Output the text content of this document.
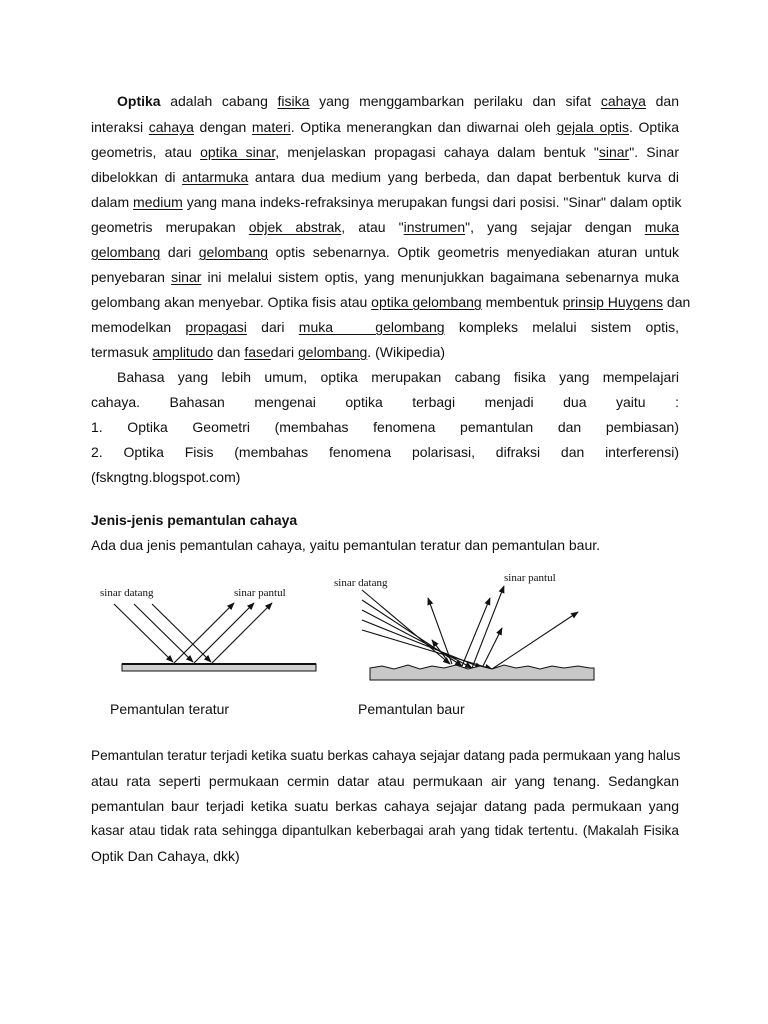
Optika adalah cabang fisika yang menggambarkan perilaku dan sifat cahaya dan
interaksi cahaya dengan materi. Optika menerangkan dan diwarnai oleh gejala optis. Optika
geometris, atau optika sinar, menjelaskan propagasi cahaya dalam bentuk "sinar". Sinar
dibelokkan di antarmuka antara dua medium yang berbeda, dan dapat berbentuk kurva di
dalam medium yang mana indeks-refraksinya merupakan fungsi dari posisi. "Sinar" dalam optik
geometris merupakan objek abstrak, atau "instrumen", yang sejajar dengan muka
gelombang dari gelombang optis sebenarnya. Optik geometris menyediakan aturan untuk
penyebaran sinar ini melalui sistem optis, yang menunjukkan bagaimana sebenarnya muka
gelombang akan menyebar. Optika fisis atau optika gelombang membentuk prinsip Huygens dan
memodelkan propagasi dari muka gelombang kompleks melalui sistem optis,
termasuk amplitudo dan fasedari gelombang. (Wikipedia)
Bahasa yang lebih umum, optika merupakan cabang fisika yang mempelajari
cahaya. Bahasan mengenai optika terbagi menjadi dua yaitu :
1. Optika Geometri (membahas fenomena pemantulan dan pembiasan)
2. Optika Fisis (membahas fenomena polarisasi, difraksi dan interferensi)
(fskngtng.blogspot.com)
Jenis-jenis pemantulan cahaya
Ada dua jenis pemantulan cahaya, yaitu pemantulan teratur dan pemantulan baur.
sinar datang	sinar pantul
sinar datang	sinar pantul
Pemantulan teratur	Pemantulan baur
Pemantulan teratur terjadi ketika suatu berkas cahaya sejajar datang pada permukaan yang halus
atau rata seperti permukaan cermin datar atau permukaan air yang tenang. Sedangkan
pemantulan baur terjadi ketika suatu berkas cahaya sejajar datang pada permukaan yang
kasar atau tidak rata sehingga dipantulkan keberbagai arah yang tidak tertentu. (Makalah Fisika
Optik Dan Cahaya, dkk)
